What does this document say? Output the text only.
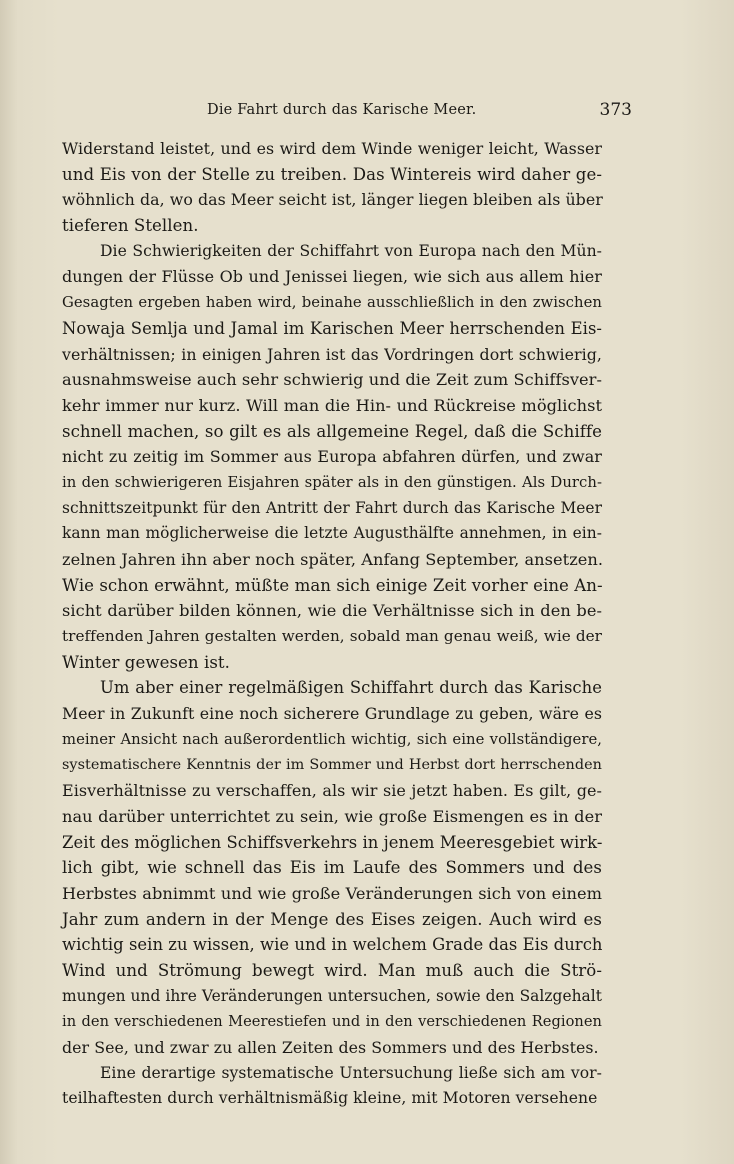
Die Fahrt durch das Karische Meer.	373

Widerstand leistet, und es wird dem Winde weniger leicht, Wasser
und Eis von der Stelle zu treiben. Das Wintereis wird daher ge-
wöhnlich da, wo das Meer seicht ist, länger liegen bleiben als über
tieferen Stellen.

Die Schwierigkeiten der Schiffahrt von Europa nach den Mün-
dungen der Flüsse Ob und Jenissei liegen, wie sich aus allem hier
Gesagten ergeben haben wird, beinahe ausschließlich in den zwischen
Nowaja Semlja und Jamal im Karischen Meer herrschenden Eis-
verhältnissen; in einigen Jahren ist das Vordringen dort schwierig,
ausnahmsweise auch sehr schwierig und die Zeit zum Schiffsver-
kehr immer nur kurz. Will man die Hin- und Rückreise möglichst
schnell machen, so gilt es als allgemeine Regel, daß die Schiffe
nicht zu zeitig im Sommer aus Europa abfahren dürfen, und zwar
in den schwierigeren Eisjahren später als in den günstigen. Als Durch-
schnittszeitpunkt für den Antritt der Fahrt durch das Karische Meer
kann man möglicherweise die letzte Augusthälfte annehmen, in ein-
zelnen Jahren ihn aber noch später, Anfang September, ansetzen.
Wie schon erwähnt, müßte man sich einige Zeit vorher eine An-
sicht darüber bilden können, wie die Verhältnisse sich in den be-
treffenden Jahren gestalten werden, sobald man genau weiß, wie der
Winter gewesen ist.

Um aber einer regelmäßigen Schiffahrt durch das Karische
Meer in Zukunft eine noch sicherere Grundlage zu geben, wäre es
meiner Ansicht nach außerordentlich wichtig, sich eine vollständigere,
systematischere Kenntnis der im Sommer und Herbst dort herrschenden
Eisverhältnisse zu verschaffen, als wir sie jetzt haben. Es gilt, ge-
nau darüber unterrichtet zu sein, wie große Eismengen es in der
Zeit des möglichen Schiffsverkehrs in jenem Meeresgebiet wirk-
lich gibt, wie schnell das Eis im Laufe des Sommers und des
Herbstes abnimmt und wie große Veränderungen sich von einem
Jahr zum andern in der Menge des Eises zeigen. Auch wird es
wichtig sein zu wissen, wie und in welchem Grade das Eis durch
Wind und Strömung bewegt wird. Man muß auch die Strö-
mungen und ihre Veränderungen untersuchen, sowie den Salzgehalt
in den verschiedenen Meerestiefen und in den verschiedenen Regionen
der See, und zwar zu allen Zeiten des Sommers und des Herbstes.

Eine derartige systematische Untersuchung ließe sich am vor-
teilhaftesten durch verhältnismäßig kleine, mit Motoren versehene
